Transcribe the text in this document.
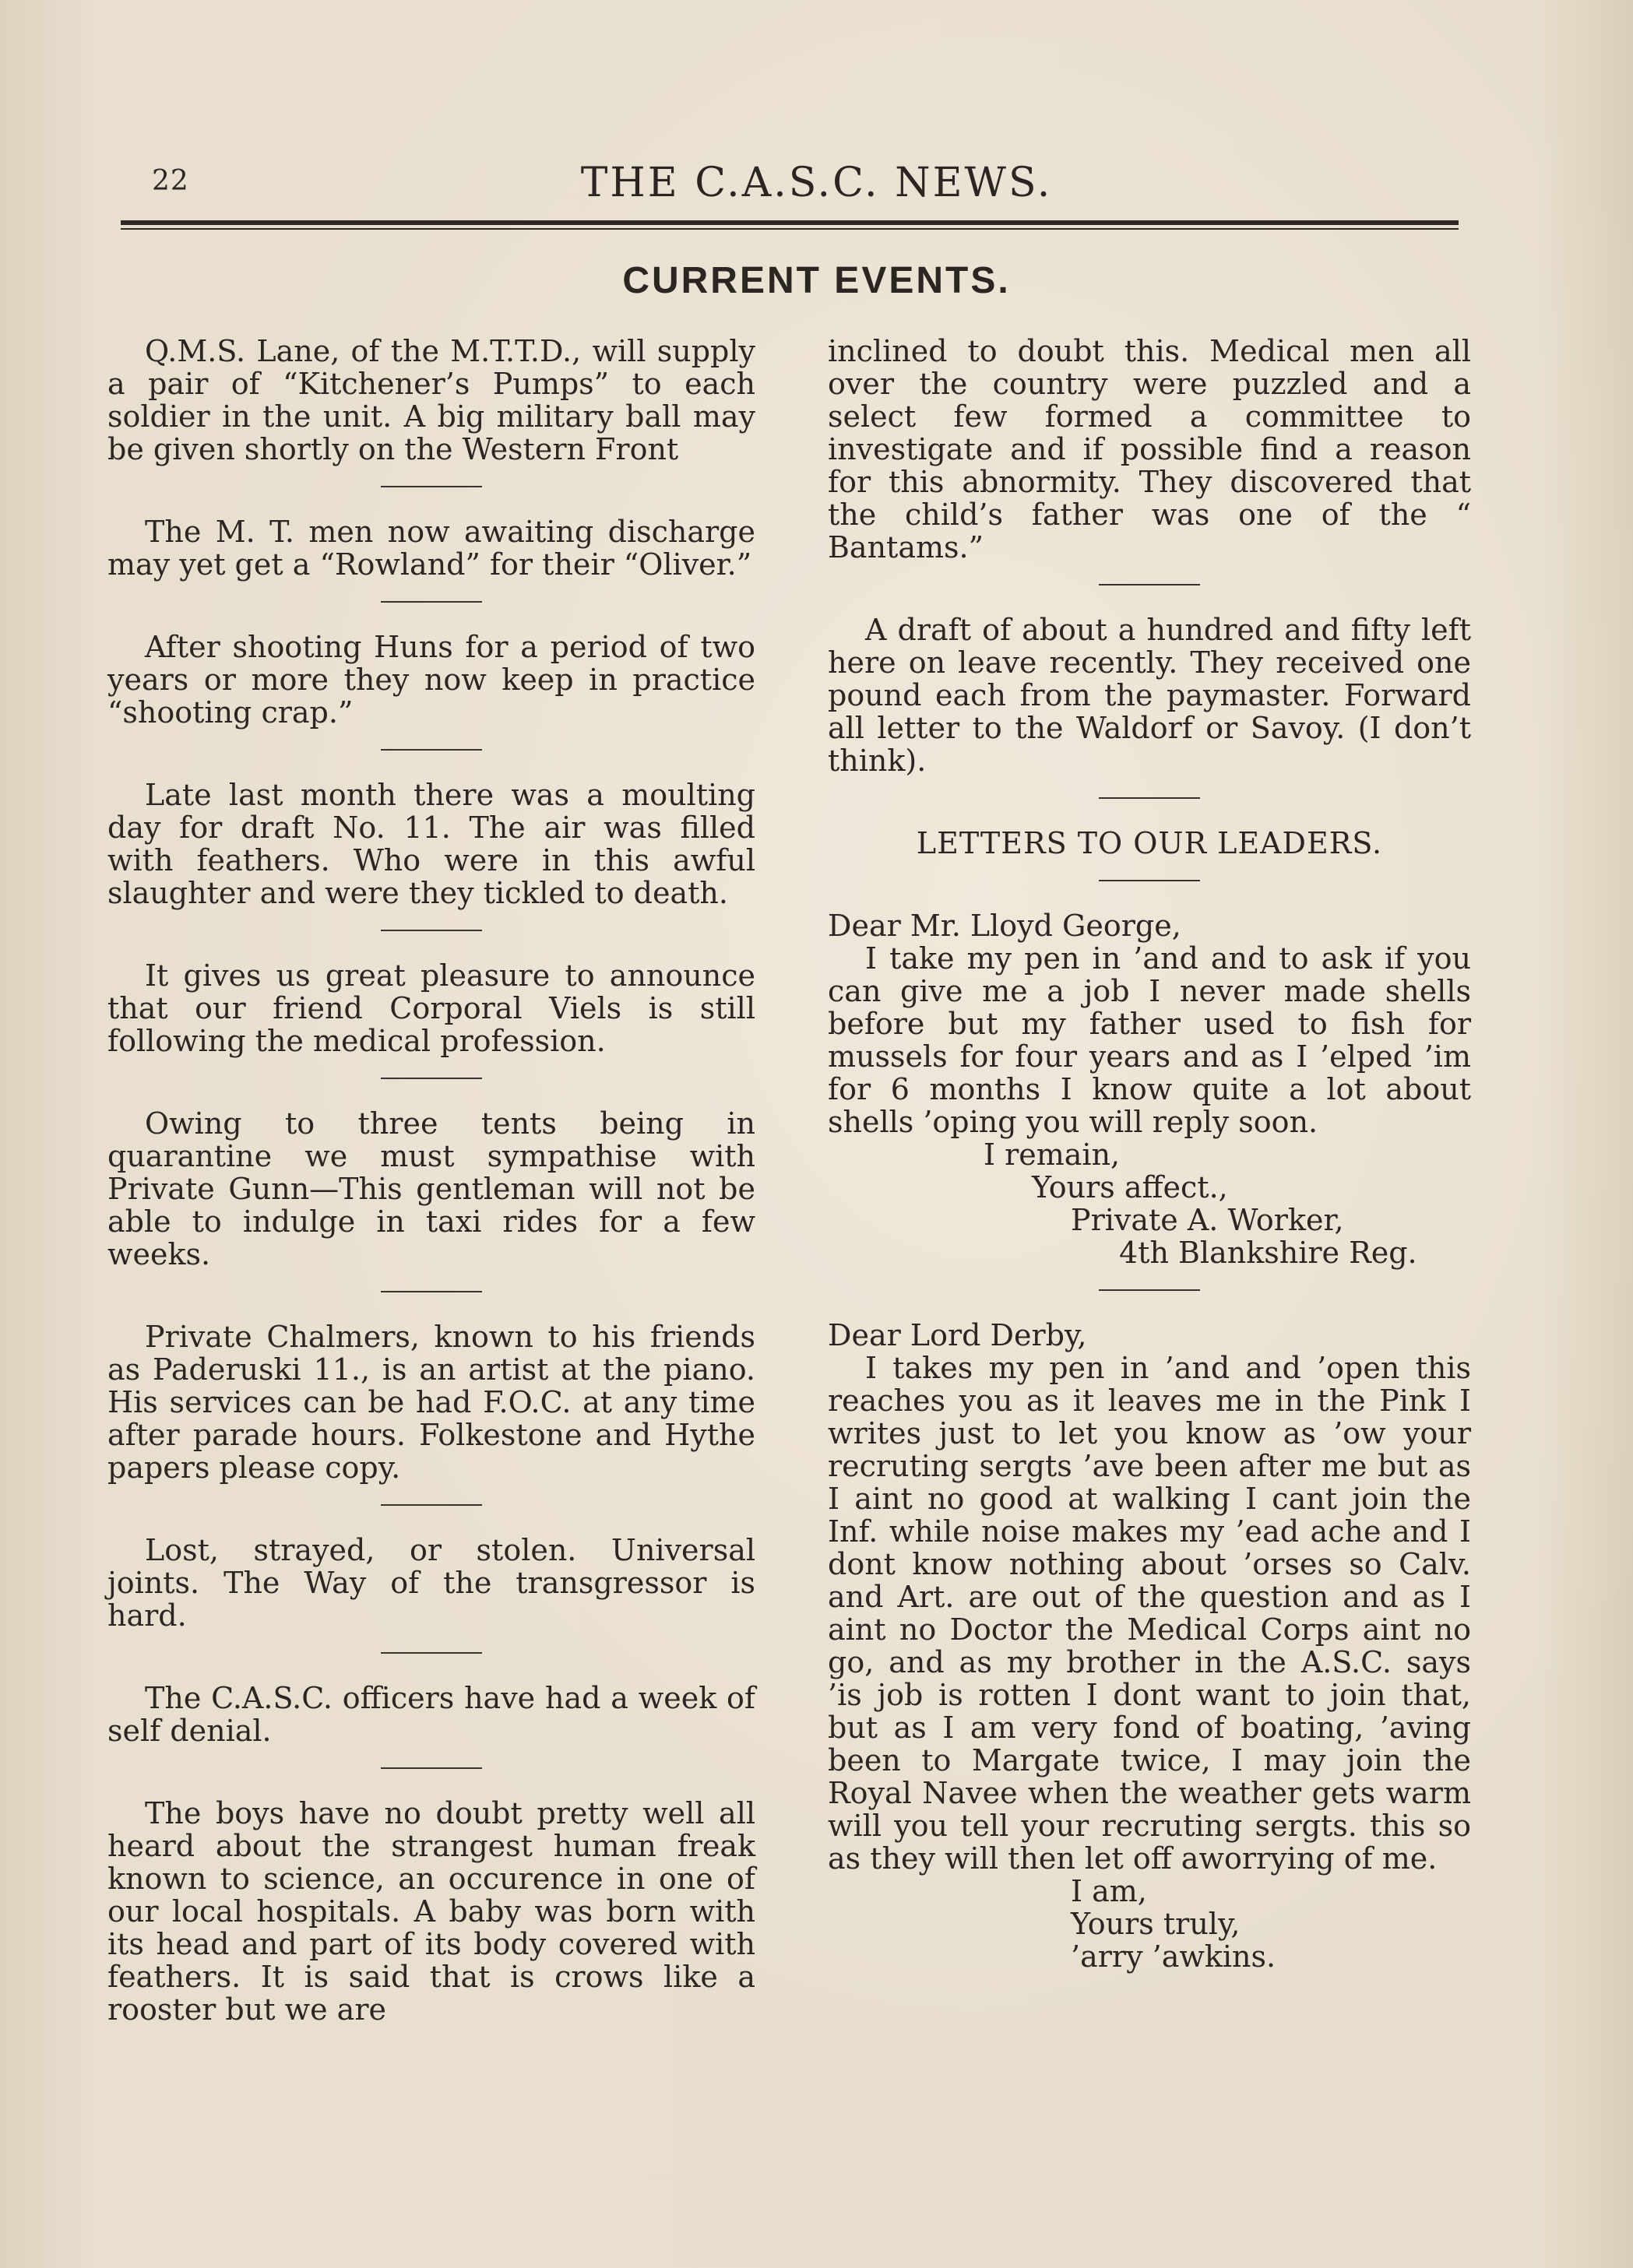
22	THE C.A.S.C. NEWS.
CURRENT EVENTS.

Q.M.S. Lane, of the M.T.T.D., will supply a pair of “Kitchener’s Pumps” to each soldier in the unit. A big military ball may be given shortly on the Western Front

The M. T. men now awaiting discharge may yet get a “Rowland” for their “Oliver.”

After shooting Huns for a period of two years or more they now keep in practice “shooting crap.”

Late last month there was a moulting day for draft No. 11. The air was filled with feathers. Who were in this awful slaughter and were they tickled to death.

It gives us great pleasure to announce that our friend Corporal Viels is still following the medical profession.

Owing to three tents being in quarantine we must sympathise with Private Gunn—This gentleman will not be able to indulge in taxi rides for a few weeks.

Private Chalmers, known to his friends as Paderuski 11., is an artist at the piano. His services can be had F.O.C. at any time after parade hours. Folkestone and Hythe papers please copy.

Lost, strayed, or stolen. Universal joints. The Way of the transgressor is hard.

The C.A.S.C. officers have had a week of self denial.

The boys have no doubt pretty well all heard about the strangest human freak known to science, an occurence in one of our local hospitals. A baby was born with its head and part of its body covered with feathers. It is said that is crows like a rooster but we are

inclined to doubt this. Medical men all over the country were puzzled and a select few formed a committee to investigate and if possible find a reason for this abnormity. They discovered that the child’s father was one of the “ Bantams.”

A draft of about a hundred and fifty left here on leave recently. They received one pound each from the paymaster. Forward all letter to the Waldorf or Savoy. (I don’t think).

LETTERS TO OUR LEADERS.

Dear Mr. Lloyd George,

I take my pen in ’and and to ask if you can give me a job I never made shells before but my father used to fish for mussels for four years and as I ’elped ’im for 6 months I know quite a lot about shells ’oping you will reply soon.

I remain,

Yours affect.,

Private A. Worker,

4th Blankshire Reg.

Dear Lord Derby,

I takes my pen in ’and and ’open this reaches you as it leaves me in the Pink I writes just to let you know as ’ow your recruting sergts ’ave been after me but as I aint no good at walking I cant join the Inf. while noise makes my ’ead ache and I dont know nothing about ’orses so Calv. and Art. are out of the question and as I aint no Doctor the Medical Corps aint no go, and as my brother in the A.S.C. says ’is job is rotten I dont want to join that, but as I am very fond of boating, ’aving been to Margate twice, I may join the Royal Navee when the weather gets warm will you tell your recruting sergts. this so as they will then let off aworrying of me.

I am,

Yours truly,

’arry ’awkins.
